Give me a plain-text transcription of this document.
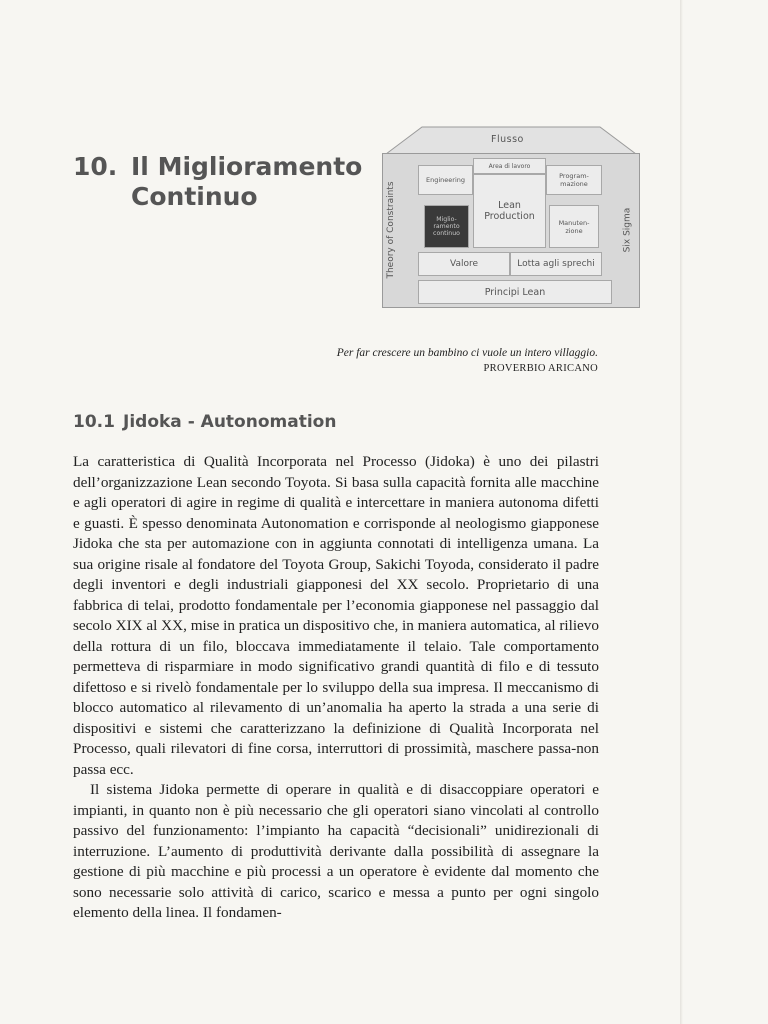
10. Il Miglioramento
Continuo
Flusso
Theory of Constraints	Six Sigma
Area di lavoro
Engineering	Program- mazione
Lean Production
Miglio- ramento continuo
Manuten- zione
Valore	Lotta agli sprechi
Principi Lean
Per far crescere un bambino ci vuole un intero villaggio.
PROVERBIO ARICANO
10.1 Jidoka - Autonomation

La caratteristica di Qualità Incorporata nel Processo (Jidoka) è uno dei pilastri dell’organizzazione Lean secondo Toyota. Si basa sulla capacità fornita alle macchine e agli operatori di agire in regime di qualità e intercettare in maniera autonoma difetti e guasti. È spesso denominata Autonomation e corrisponde al neologismo giapponese Jidoka che sta per automazione con in aggiunta connotati di intelligenza umana. La sua origine risale al fondatore del Toyota Group, Sakichi Toyoda, considerato il padre degli inventori e degli industriali giapponesi del XX secolo. Proprietario di una fabbrica di telai, prodotto fondamentale per l’economia giapponese nel passaggio dal secolo XIX al XX, mise in pratica un dispositivo che, in maniera automatica, al rilievo della rottura di un filo, bloccava immediatamente il telaio. Tale comportamento permetteva di risparmiare in modo significativo grandi quantità di filo e di tessuto difettoso e si rivelò fondamentale per lo sviluppo della sua impresa. Il meccanismo di blocco automatico al rilevamento di un’anomalia ha aperto la strada a una serie di dispositivi e sistemi che caratterizzano la definizione di Qualità Incorporata nel Processo, quali rilevatori di fine corsa, interruttori di prossimità, maschere passa-non passa ecc.

Il sistema Jidoka permette di operare in qualità e di disaccoppiare operatori e impianti, in quanto non è più necessario che gli operatori siano vincolati al controllo passivo del funzionamento: l’impianto ha capacità “decisionali” unidirezionali di interruzione. L’aumento di produttività derivante dalla possibilità di assegnare la gestione di più macchine e più processi a un operatore è evidente dal momento che sono necessarie solo attività di carico, scarico e messa a punto per ogni singolo elemento della linea. Il fondamen-
